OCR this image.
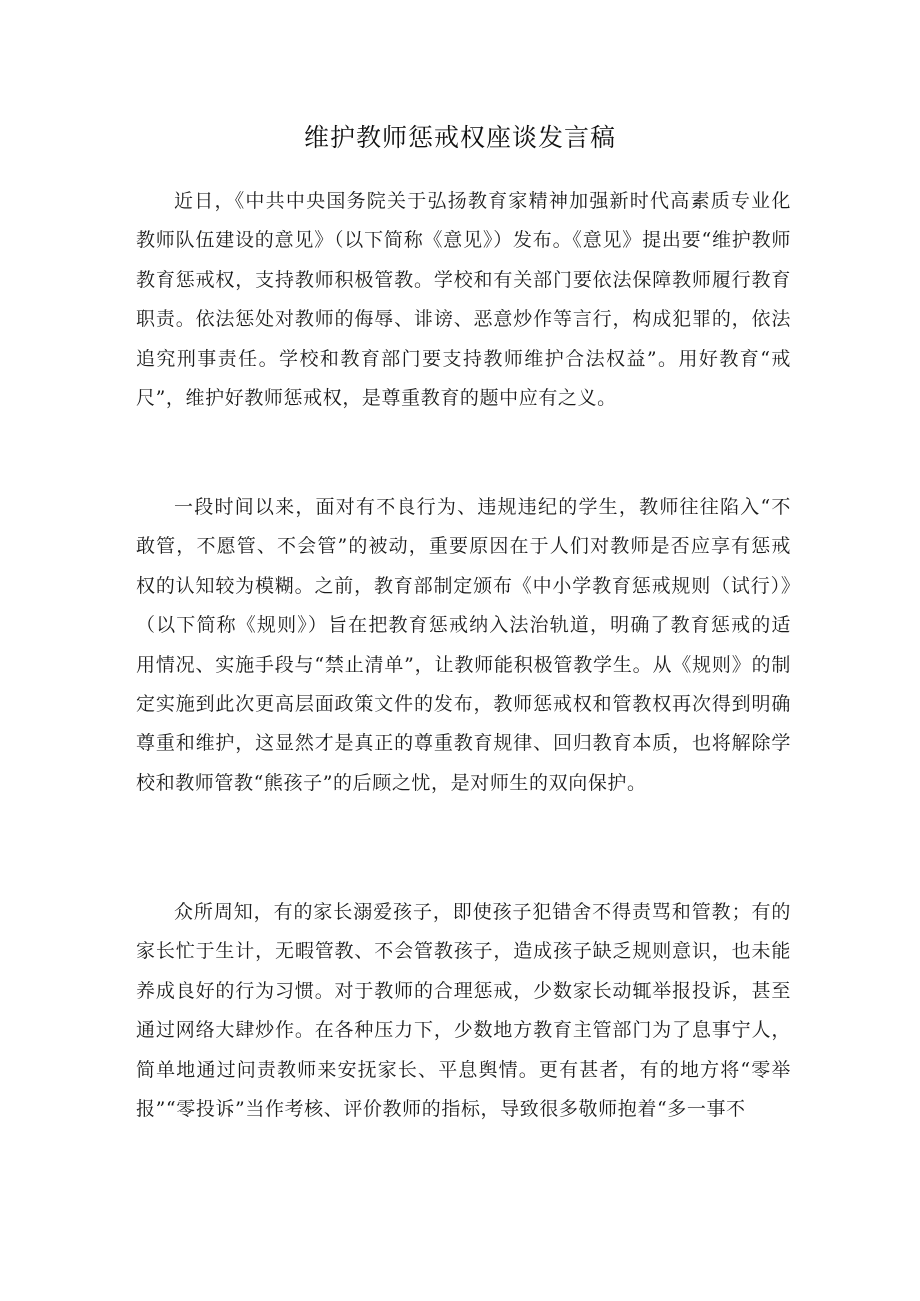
维护教师惩戒权座谈发言稿

近日，《中共中央国务院关于弘扬教育家精神加强新时代高素质专业化教师队伍建设的意见》（以下简称《意见》）发布。《意见》提出要“维护教师教育惩戒权，支持教师积极管教。学校和有关部门要依法保障教师履行教育职责。依法惩处对教师的侮辱、诽谤、恶意炒作等言行，构成犯罪的，依法追究刑事责任。学校和教育部门要支持教师维护合法权益”。用好教育“戒尺”，维护好教师惩戒权，是尊重教育的题中应有之义。

一段时间以来，面对有不良行为、违规违纪的学生，教师往往陷入“不敢管，不愿管、不会管”的被动，重要原因在于人们对教师是否应享有惩戒权的认知较为模糊。之前，教育部制定颁布《中小学教育惩戒规则（试行）》（以下简称《规则》）旨在把教育惩戒纳入法治轨道，明确了教育惩戒的适用情况、实施手段与“禁止清单”，让教师能积极管教学生。从《规则》的制定实施到此次更高层面政策文件的发布，教师惩戒权和管教权再次得到明确尊重和维护，这显然才是真正的尊重教育规律、回归教育本质，也将解除学校和教师管教“熊孩子”的后顾之忧，是对师生的双向保护。

众所周知，有的家长溺爱孩子，即使孩子犯错舍不得责骂和管教；有的家长忙于生计，无暇管教、不会管教孩子，造成孩子缺乏规则意识，也未能养成良好的行为习惯。对于教师的合理惩戒，少数家长动辄举报投诉，甚至通过网络大肆炒作。在各种压力下，少数地方教育主管部门为了息事宁人，简单地通过问责教师来安抚家长、平息舆情。更有甚者，有的地方将“零举报”“零投诉”当作考核、评价教师的指标，导致很多敬师抱着“多一事不
